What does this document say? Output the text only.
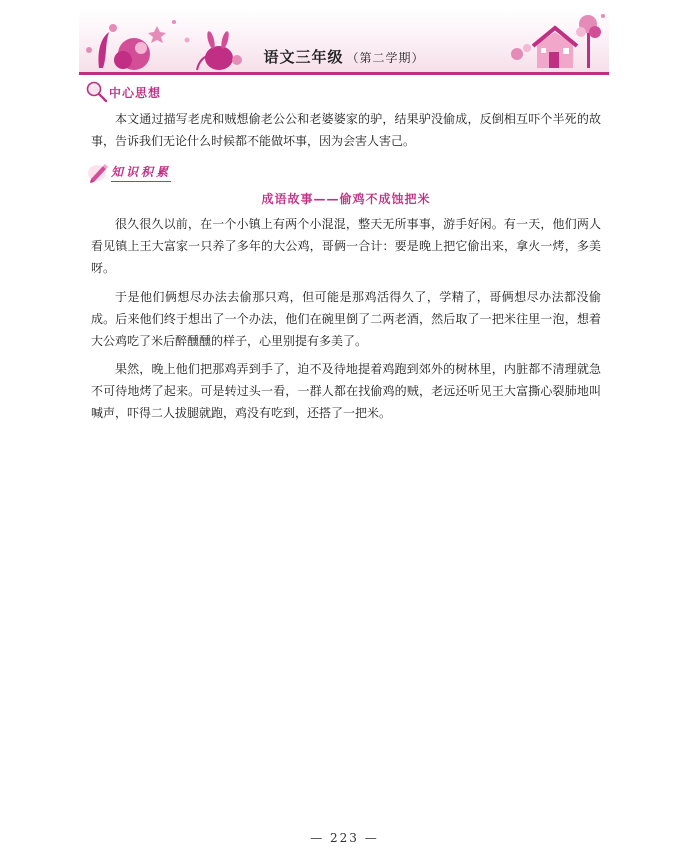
语文三年级 （第二学期）
中心思想
本文通过描写老虎和贼想偷老公公和老婆婆家的驴，结果驴没偷成，反倒相互吓个半死的故事，告诉我们无论什么时候都不能做坏事，因为会害人害己。
知识积累
成语故事——偷鸡不成蚀把米
很久很久以前，在一个小镇上有两个小混混，整天无所事事，游手好闲。有一天，他们两人看见镇上王大富家一只养了多年的大公鸡，哥俩一合计：要是晚上把它偷出来，拿火一烤，多美呀。
于是他们俩想尽办法去偷那只鸡，但可能是那鸡活得久了，学精了，哥俩想尽办法都没偷成。后来他们终于想出了一个办法，他们在碗里倒了二两老酒，然后取了一把米往里一泡，想着大公鸡吃了米后醉醺醺的样子，心里别提有多美了。
果然，晚上他们把那鸡弄到手了，迫不及待地提着鸡跑到郊外的树林里，内脏都不清理就急不可待地烤了起来。可是转过头一看，一群人都在找偷鸡的贼，老远还听见王大富撕心裂肺地叫喊声，吓得二人拔腿就跑，鸡没有吃到，还搭了一把米。
— 223 —
